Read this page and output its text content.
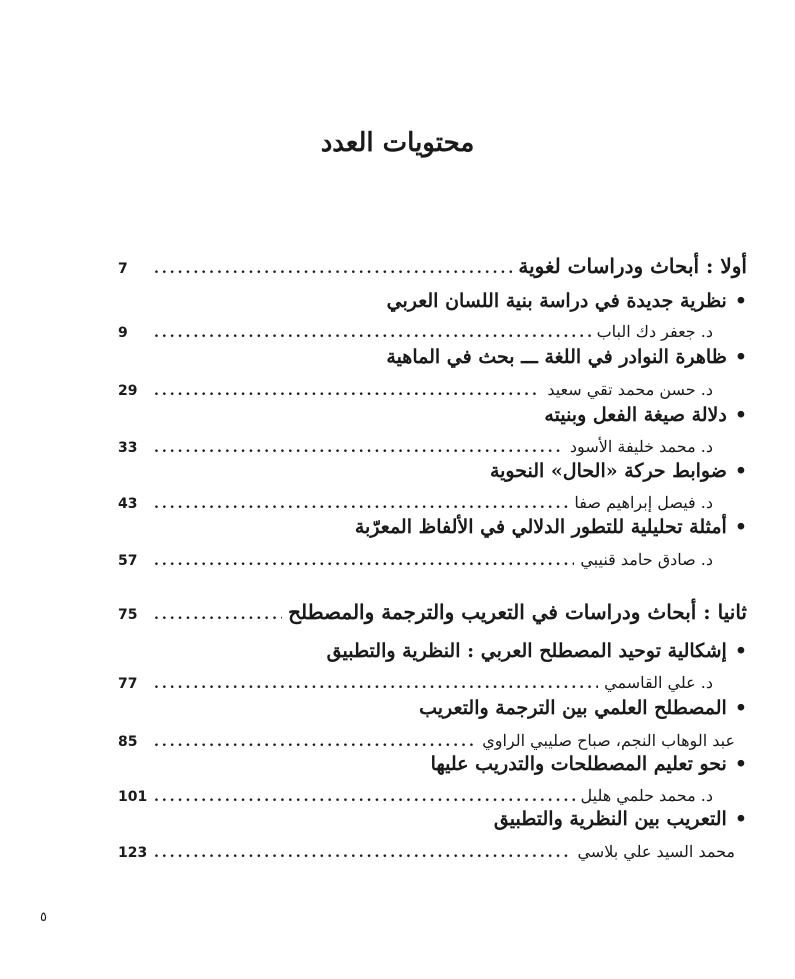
محتويات العدد
أولا : أبحاث ودراسات لغوية
.....
7
•نظرية جديدة في دراسة بنية اللسان العربي
د. جعفر دك الباب
.....
9
•ظاهرة النوادر في اللغة ـــ بحث في الماهية
د. حسن محمد تقي سعيد
.....
29
•دلالة صيغة الفعل وبنيته
د. محمد خليفة الأسود
.....
33
•ضوابط حركة «الحال» النحوية
د. فيصل إبراهيم صفا
.....
43
•أمثلة تحليلية للتطور الدلالي في الألفاظ المعرّبة
د. صادق حامد قنيبي
.....
57
ثانيا : أبحاث ودراسات في التعريب والترجمة والمصطلح
.....
75
•إشكالية توحيد المصطلح العربي : النظرية والتطبيق
د. علي القاسمي
.....
77
•المصطلح العلمي بين الترجمة والتعريب
عبد الوهاب النجم، صباح صليبي الراوي
.....
85
•نحو تعليم المصطلحات والتدريب عليها
د. محمد حلمي هليل
.....
101
•التعريب بين النظرية والتطبيق
محمد السيد علي بلاسي
.....
123
٥
